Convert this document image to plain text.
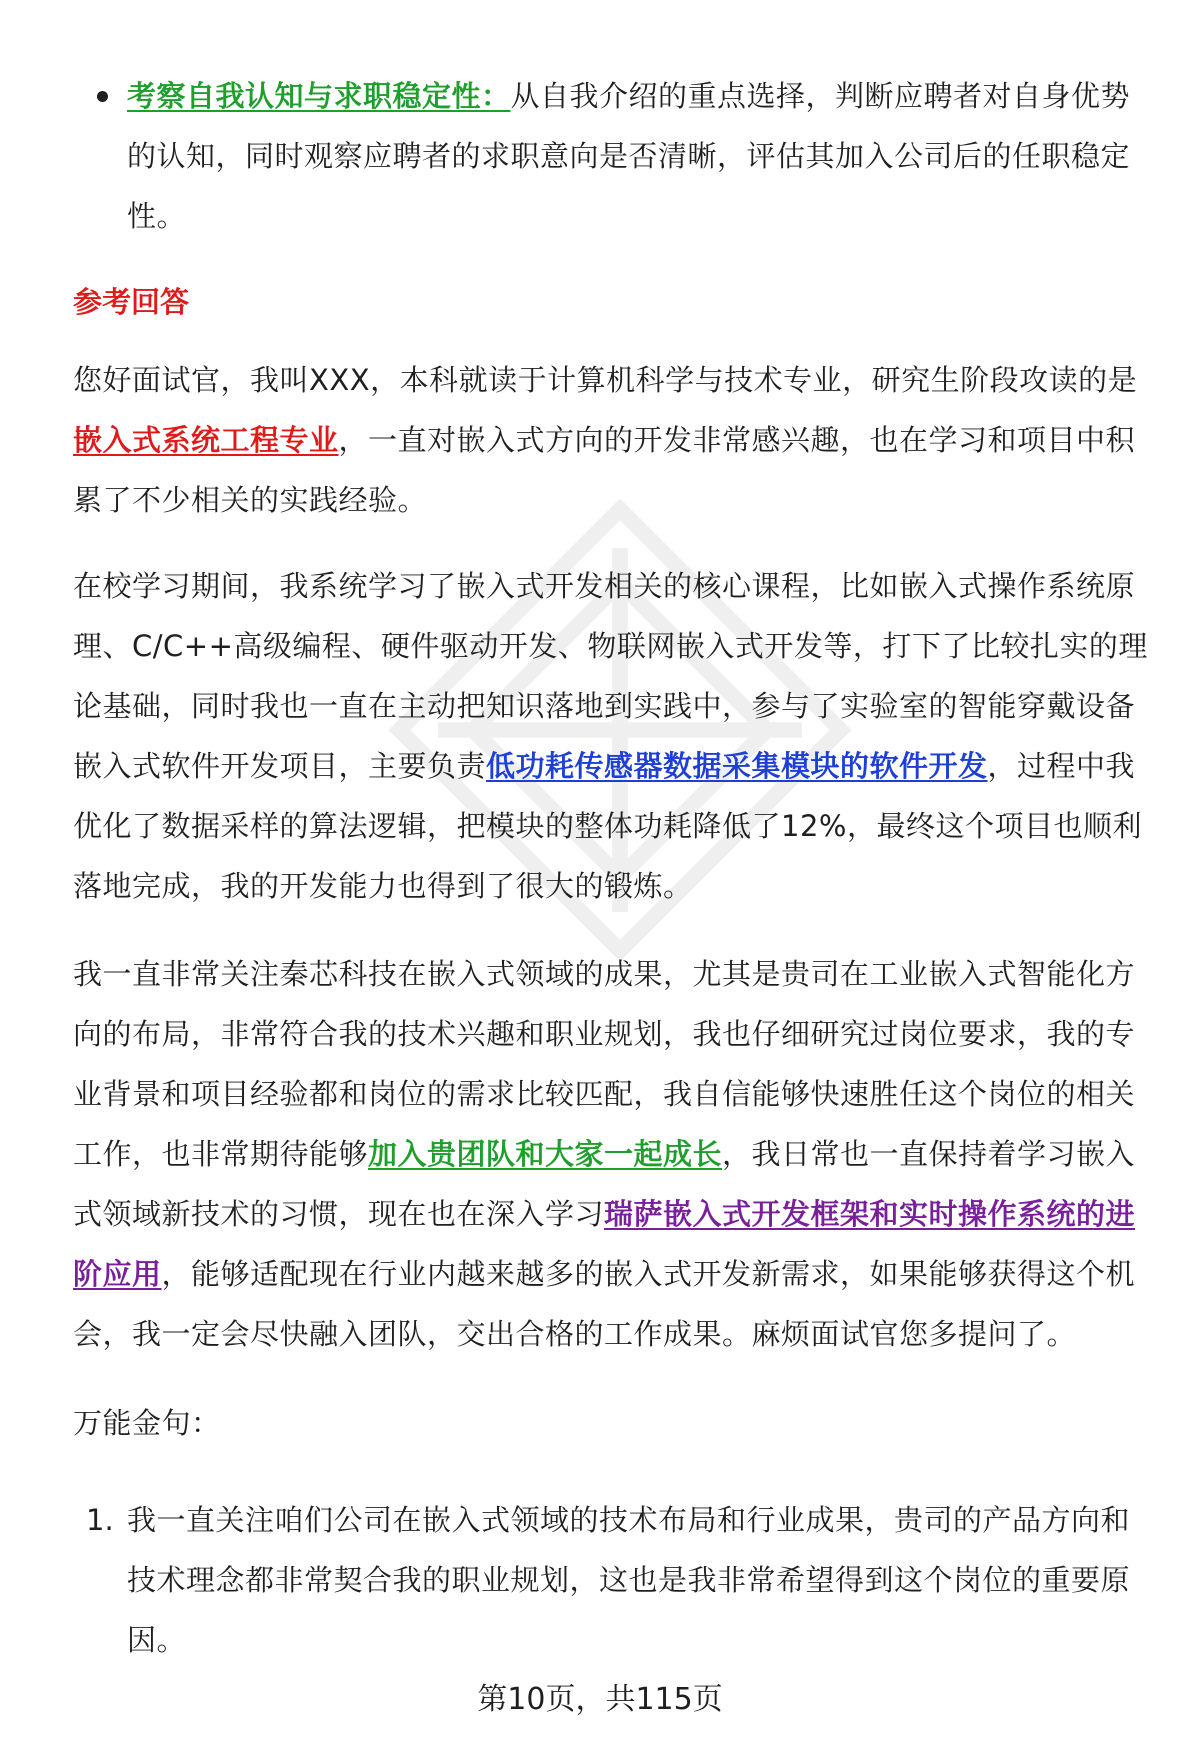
考察自我认知与求职稳定性：从自我介绍的重点选择，判断应聘者对自身优势的认知，同时观察应聘者的求职意向是否清晰，评估其加入公司后的任职稳定性。

参考回答

您好面试官，我叫XXX，本科就读于计算机科学与技术专业，研究生阶段攻读的是嵌入式系统工程专业，一直对嵌入式方向的开发非常感兴趣，也在学习和项目中积累了不少相关的实践经验。

在校学习期间，我系统学习了嵌入式开发相关的核心课程，比如嵌入式操作系统原理、C/C++高级编程、硬件驱动开发、物联网嵌入式开发等，打下了比较扎实的理论基础，同时我也一直在主动把知识落地到实践中，参与了实验室的智能穿戴设备嵌入式软件开发项目，主要负责低功耗传感器数据采集模块的软件开发，过程中我优化了数据采样的算法逻辑，把模块的整体功耗降低了12%，最终这个项目也顺利落地完成，我的开发能力也得到了很大的锻炼。

我一直非常关注秦芯科技在嵌入式领域的成果，尤其是贵司在工业嵌入式智能化方向的布局，非常符合我的技术兴趣和职业规划，我也仔细研究过岗位要求，我的专业背景和项目经验都和岗位的需求比较匹配，我自信能够快速胜任这个岗位的相关工作，也非常期待能够加入贵团队和大家一起成长，我日常也一直保持着学习嵌入式领域新技术的习惯，现在也在深入学习瑞萨嵌入式开发框架和实时操作系统的进阶应用，能够适配现在行业内越来越多的嵌入式开发新需求，如果能够获得这个机会，我一定会尽快融入团队，交出合格的工作成果。麻烦面试官您多提问了。

万能金句：

1. 我一直关注咱们公司在嵌入式领域的技术布局和行业成果，贵司的产品方向和技术理念都非常契合我的职业规划，这也是我非常希望得到这个岗位的重要原因。

第10页，共115页
